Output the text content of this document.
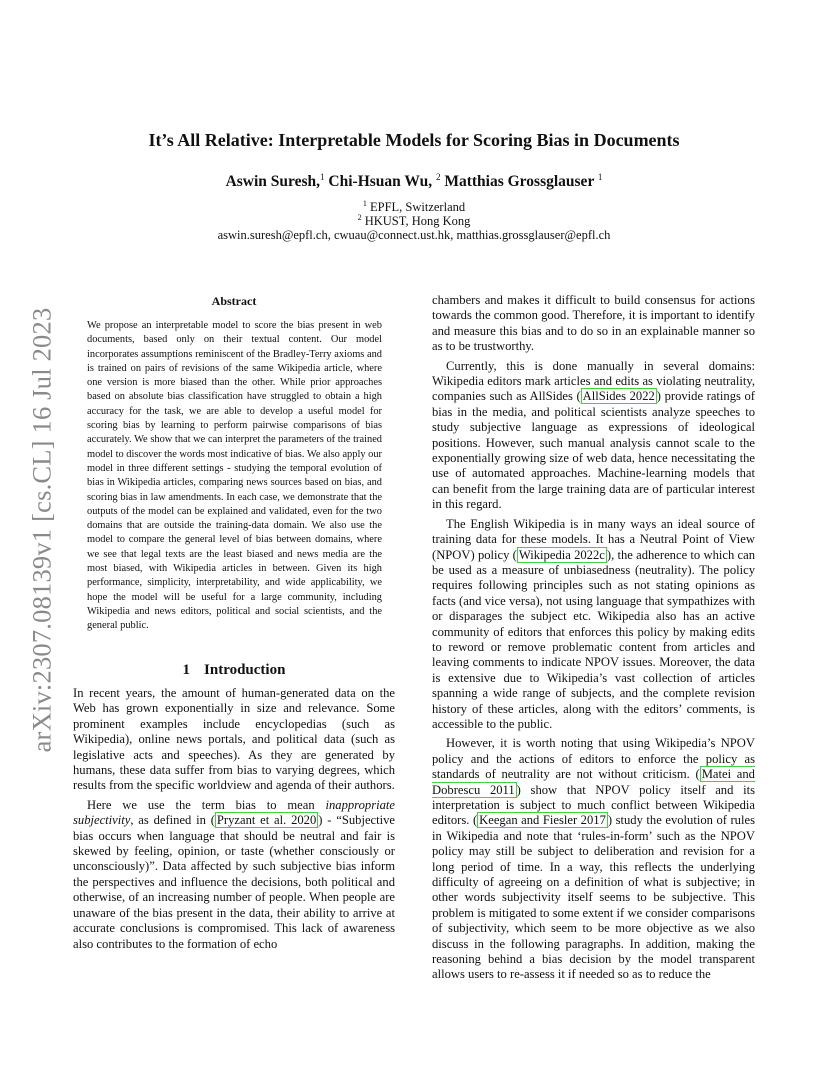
arXiv:2307.08139v1 [cs.CL] 16 Jul 2023
It’s All Relative: Interpretable Models for Scoring Bias in Documents
Aswin Suresh,$^1$ Chi-Hsuan Wu, $^2$ Matthias Grossglauser $^1$
$^1$ EPFL, Switzerland
$^2$ HKUST, Hong Kong
aswin.suresh@epfl.ch, cwuau@connect.ust.hk, matthias.grossglauser@epfl.ch
Abstract
We propose an interpretable model to score the bias present in web documents, based only on their textual content. Our model incorporates assumptions reminiscent of the Bradley-Terry axioms and is trained on pairs of revisions of the same Wikipedia article, where one version is more biased than the other. While prior approaches based on absolute bias classification have struggled to obtain a high accuracy for the task, we are able to develop a useful model for scoring bias by learning to perform pairwise comparisons of bias accurately. We show that we can interpret the parameters of the trained model to discover the words most indicative of bias. We also apply our model in three different settings - studying the temporal evolution of bias in Wikipedia articles, comparing news sources based on bias, and scoring bias in law amendments. In each case, we demonstrate that the outputs of the model can be explained and validated, even for the two domains that are outside the training-data domain. We also use the model to compare the general level of bias between domains, where we see that legal texts are the least biased and news media are the most biased, with Wikipedia articles in between. Given its high performance, simplicity, interpretability, and wide applicability, we hope the model will be useful for a large community, including Wikipedia and news editors, political and social scientists, and the general public.
1 Introduction

In recent years, the amount of human-generated data on the Web has grown exponentially in size and relevance. Some prominent examples include encyclopedias (such as Wikipedia), online news portals, and political data (such as legislative acts and speeches). As they are generated by humans, these data suffer from bias to varying degrees, which results from the specific worldview and agenda of their authors.

Here we use the term bias to mean inappropriate subjectivity, as defined in ( Pryzant et al. 2020 ) - “Subjective bias occurs when language that should be neutral and fair is skewed by feeling, opinion, or taste (whether consciously or unconsciously)”. Data affected by such subjective bias inform the perspectives and influence the decisions, both political and otherwise, of an increasing number of people. When people are unaware of the bias present in the data, their ability to arrive at accurate conclusions is compromised. This lack of awareness also contributes to the formation of echo

chambers and makes it difficult to build consensus for actions towards the common good. Therefore, it is important to identify and measure this bias and to do so in an explainable manner so as to be trustworthy.

Currently, this is done manually in several domains: Wikipedia editors mark articles and edits as violating neutrality, companies such as AllSides ( AllSides 2022 ) provide ratings of bias in the media, and political scientists analyze speeches to study subjective language as expressions of ideological positions. However, such manual analysis cannot scale to the exponentially growing size of web data, hence necessitating the use of automated approaches. Machine-learning models that can benefit from the large training data are of particular interest in this regard.

The English Wikipedia is in many ways an ideal source of training data for these models. It has a Neutral Point of View (NPOV) policy ( Wikipedia 2022c ), the adherence to which can be used as a measure of unbiasedness (neutrality). The policy requires following principles such as not stating opinions as facts (and vice versa), not using language that sympathizes with or disparages the subject etc. Wikipedia also has an active community of editors that enforces this policy by making edits to reword or remove problematic content from articles and leaving comments to indicate NPOV issues. Moreover, the data is extensive due to Wikipedia’s vast collection of articles spanning a wide range of subjects, and the complete revision history of these articles, along with the editors’ comments, is accessible to the public.

However, it is worth noting that using Wikipedia’s NPOV policy and the actions of editors to enforce the policy as standards of neutrality are not without criticism. ( Matei and Dobrescu 2011 ) show that NPOV policy itself and its interpretation is subject to much conflict between Wikipedia editors. ( Keegan and Fiesler 2017 ) study the evolution of rules in Wikipedia and note that ‘rules-in-form’ such as the NPOV policy may still be subject to deliberation and revision for a long period of time. In a way, this reflects the underlying difficulty of agreeing on a definition of what is subjective; in other words subjectivity itself seems to be subjective. This problem is mitigated to some extent if we consider comparisons of subjectivity, which seem to be more objective as we also discuss in the following paragraphs. In addition, making the reasoning behind a bias decision by the model transparent allows users to re-assess it if needed so as to reduce the
